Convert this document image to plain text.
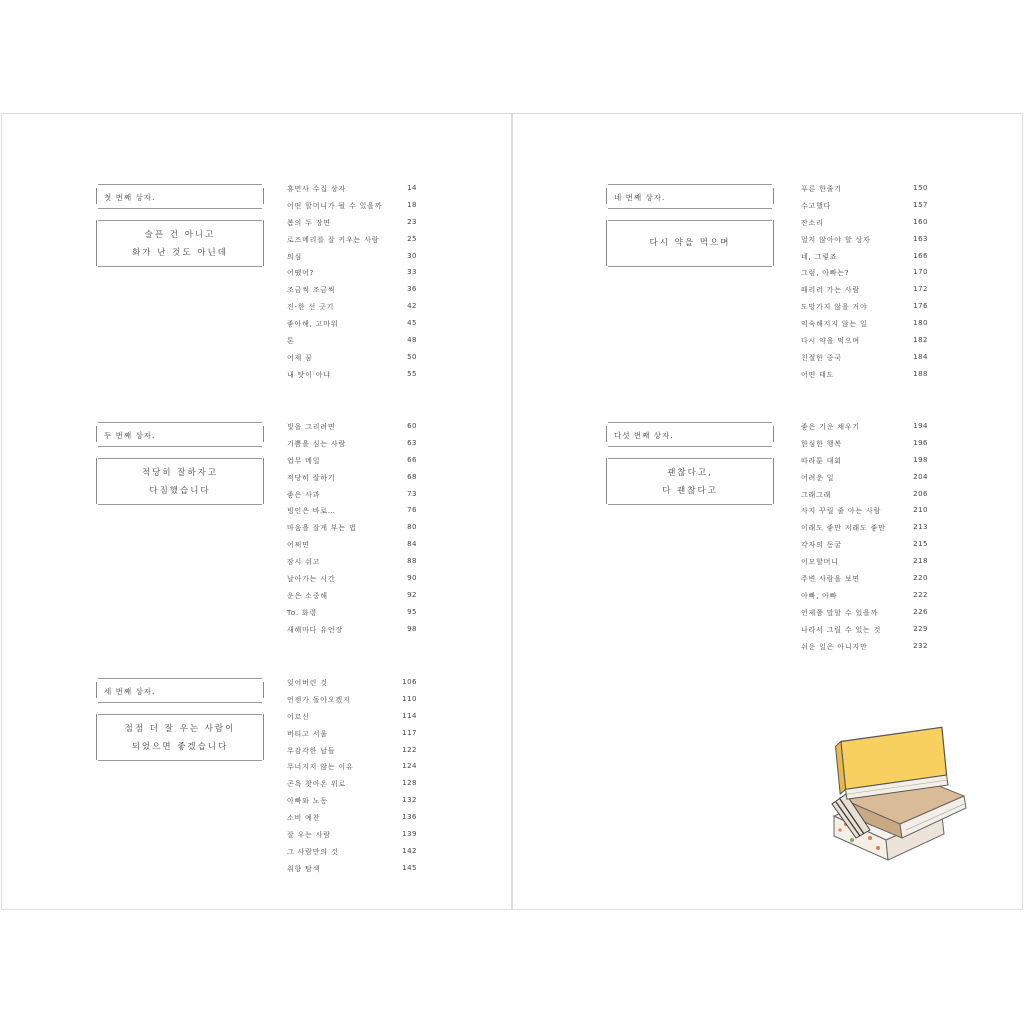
첫 번째 상자.
슬픈 건 아니고
화가 난 것도 아닌데
휴먼사 수집 상자	14
어떤 할머니가 될 수 있을까	18
봄의 두 장면	23
로즈메리를 잘 키우는 사람	25
의심	30
어땠어?	33
조금씩 조금씩	36
진-한 선 긋기	42
좋아해, 고마워	45
톤	48
어제 꿈	50
내 탓이 아냐	55
두 번째 상자.
적당히 잘하자고
다짐했습니다
빛을 그리려면	60
기쁨을 심는 사람	63
업무 메일	66
적당히 잘하기	68
좋은 사과	73
빙인은 바로…	76
마음을 잘게 부는 법	80
어쩌면	84
잠시 쉬고	88
날아가는 시간	90
운은 소중해	92
To. 화령	95
새해마다 유언장	98
세 번째 상자.
점점 더 잘 우는 사람이
되었으면 좋겠습니다
잊어버린 것	106
언젠가 돌아오겠지	110
어르신	114
버티고 서울	117
무감각한 날들	122
무너지지 않는 이유	124
곤욕 찾아온 위로	128
아빠와 노동	132
소비 예찬	136
잘 우는 사람	139
그 사람만의 것	142
취향 탐색	145
네 번째 상자.
다시 약을 먹으며
푸른 한줄기	150
수고했다	157
잔소리	160
멀지 않아야 할 상자	163
네, 그렇죠	166
그럼, 아빠는?	170
때리러 가는 사람	172
도망가지 않을 거야	176
익숙해지지 않는 일	180
다시 약을 먹으며	182
친절한 중국	184
어떤 태도	188
다섯 번째 상자.
괜찮다고,
다 괜찮다고
좋은 기운 채우기	194
한심한 행복	196
따라툰 대회	198
어려운 일	204
그래그래	206
사지 꾸릴 줄 아는 사람	210
이래도 좋만 저래도 좋만	213
각자의 동굴	215
이모할머니	218
주변 사람을 보면	220
아빠, 아빠	222
언제쯤 말할 수 있을까	226
나라서 그릴 수 있는 것	229
쉬운 일은 아니지만	232
